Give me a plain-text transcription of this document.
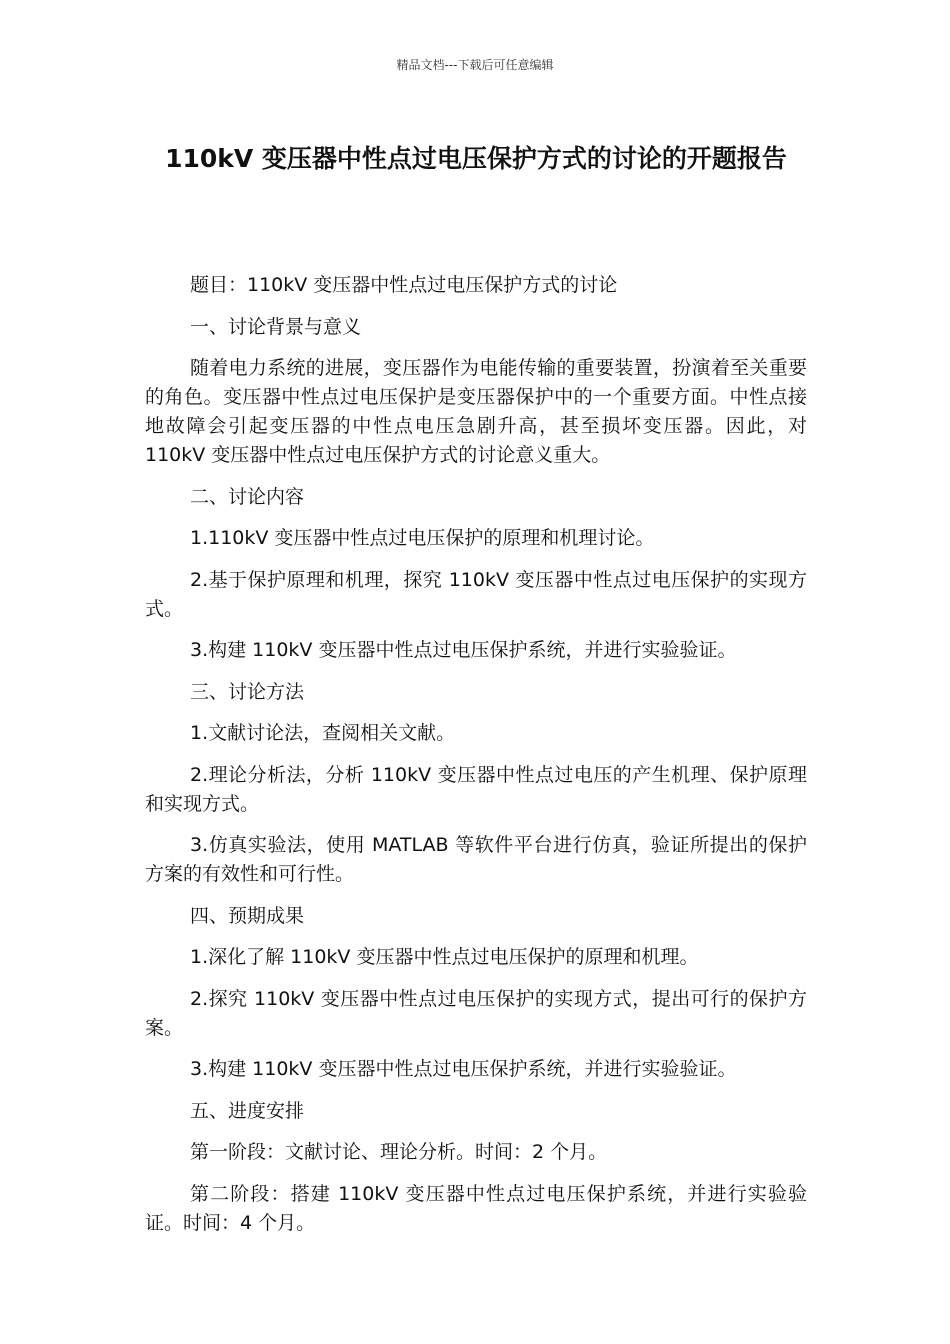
精品文档---下载后可任意编辑
110kV 变压器中性点过电压保护方式的讨论的开题报告

题目：110kV 变压器中性点过电压保护方式的讨论

一、讨论背景与意义

随着电力系统的进展，变压器作为电能传输的重要装置，扮演着至关重要的角色。变压器中性点过电压保护是变压器保护中的一个重要方面。中性点接地故障会引起变压器的中性点电压急剧升高，甚至损坏变压器。因此，对 110kV 变压器中性点过电压保护方式的讨论意义重大。

二、讨论内容

1.110kV 变压器中性点过电压保护的原理和机理讨论。

2.基于保护原理和机理，探究 110kV 变压器中性点过电压保护的实现方式。

3.构建 110kV 变压器中性点过电压保护系统，并进行实验验证。

三、讨论方法

1.文献讨论法，查阅相关文献。

2.理论分析法，分析 110kV 变压器中性点过电压的产生机理、保护原理和实现方式。

3.仿真实验法，使用 MATLAB 等软件平台进行仿真，验证所提出的保护方案的有效性和可行性。

四、预期成果

1.深化了解 110kV 变压器中性点过电压保护的原理和机理。

2.探究 110kV 变压器中性点过电压保护的实现方式，提出可行的保护方案。

3.构建 110kV 变压器中性点过电压保护系统，并进行实验验证。

五、进度安排

第一阶段：文献讨论、理论分析。时间：2 个月。

第二阶段：搭建 110kV 变压器中性点过电压保护系统，并进行实验验证。时间：4 个月。
